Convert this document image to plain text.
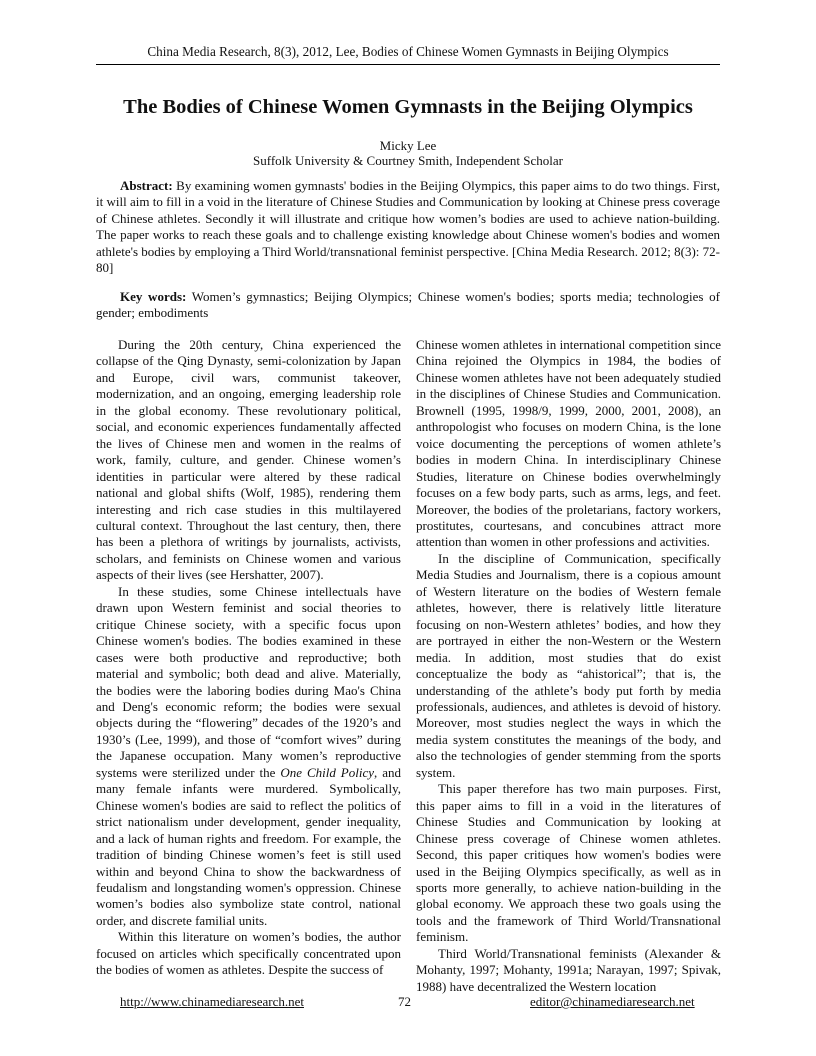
China Media Research, 8(3), 2012, Lee, Bodies of Chinese Women Gymnasts in Beijing Olympics
The Bodies of Chinese Women Gymnasts in the Beijing Olympics
Micky Lee
Suffolk University & Courtney Smith, Independent Scholar

Abstract: By examining women gymnasts' bodies in the Beijing Olympics, this paper aims to do two things. First, it will aim to fill in a void in the literature of Chinese Studies and Communication by looking at Chinese press coverage of Chinese athletes. Secondly it will illustrate and critique how women’s bodies are used to achieve nation-building. The paper works to reach these goals and to challenge existing knowledge about Chinese women's bodies and women athlete's bodies by employing a Third World/transnational feminist perspective. [China Media Research. 2012; 8(3): 72-80]

Key words: Women’s gymnastics; Beijing Olympics; Chinese women's bodies; sports media; technologies of gender; embodiments

During the 20th century, China experienced the collapse of the Qing Dynasty, semi-colonization by Japan and Europe, civil wars, communist takeover, modernization, and an ongoing, emerging leadership role in the global economy. These revolutionary political, social, and economic experiences fundamentally affected the lives of Chinese men and women in the realms of work, family, culture, and gender. Chinese women’s identities in particular were altered by these radical national and global shifts (Wolf, 1985), rendering them interesting and rich case studies in this multilayered cultural context. Throughout the last century, then, there has been a plethora of writings by journalists, activists, scholars, and feminists on Chinese women and various aspects of their lives (see Hershatter, 2007).

In these studies, some Chinese intellectuals have drawn upon Western feminist and social theories to critique Chinese society, with a specific focus upon Chinese women's bodies. The bodies examined in these cases were both productive and reproductive; both material and symbolic; both dead and alive. Materially, the bodies were the laboring bodies during Mao's China and Deng's economic reform; the bodies were sexual objects during the “flowering” decades of the 1920’s and 1930’s (Lee, 1999), and those of “comfort wives” during the Japanese occupation. Many women’s reproductive systems were sterilized under the One Child Policy, and many female infants were murdered. Symbolically, Chinese women's bodies are said to reflect the politics of strict nationalism under development, gender inequality, and a lack of human rights and freedom. For example, the tradition of binding Chinese women’s feet is still used within and beyond China to show the backwardness of feudalism and longstanding women's oppression. Chinese women’s bodies also symbolize state control, national order, and discrete familial units.

Within this literature on women’s bodies, the author focused on articles which specifically concentrated upon the bodies of women as athletes. Despite the success of

Chinese women athletes in international competition since China rejoined the Olympics in 1984, the bodies of Chinese women athletes have not been adequately studied in the disciplines of Chinese Studies and Communication. Brownell (1995, 1998/9, 1999, 2000, 2001, 2008), an anthropologist who focuses on modern China, is the lone voice documenting the perceptions of women athlete’s bodies in modern China. In interdisciplinary Chinese Studies, literature on Chinese bodies overwhelmingly focuses on a few body parts, such as arms, legs, and feet. Moreover, the bodies of the proletarians, factory workers, prostitutes, courtesans, and concubines attract more attention than women in other professions and activities.

In the discipline of Communication, specifically Media Studies and Journalism, there is a copious amount of Western literature on the bodies of Western female athletes, however, there is relatively little literature focusing on non-Western athletes’ bodies, and how they are portrayed in either the non-Western or the Western media. In addition, most studies that do exist conceptualize the body as “ahistorical”; that is, the understanding of the athlete’s body put forth by media professionals, audiences, and athletes is devoid of history. Moreover, most studies neglect the ways in which the media system constitutes the meanings of the body, and also the technologies of gender stemming from the sports system.

This paper therefore has two main purposes. First, this paper aims to fill in a void in the literatures of Chinese Studies and Communication by looking at Chinese press coverage of Chinese women athletes. Second, this paper critiques how women's bodies were used in the Beijing Olympics specifically, as well as in sports more generally, to achieve nation-building in the global economy. We approach these two goals using the tools and the framework of Third World/Transnational feminism.

Third World/Transnational feminists (Alexander & Mohanty, 1997; Mohanty, 1991a; Narayan, 1997; Spivak, 1988) have decentralized the Western location

http://www.chinamediaresearch.net	72	editor@chinamediaresearch.net
